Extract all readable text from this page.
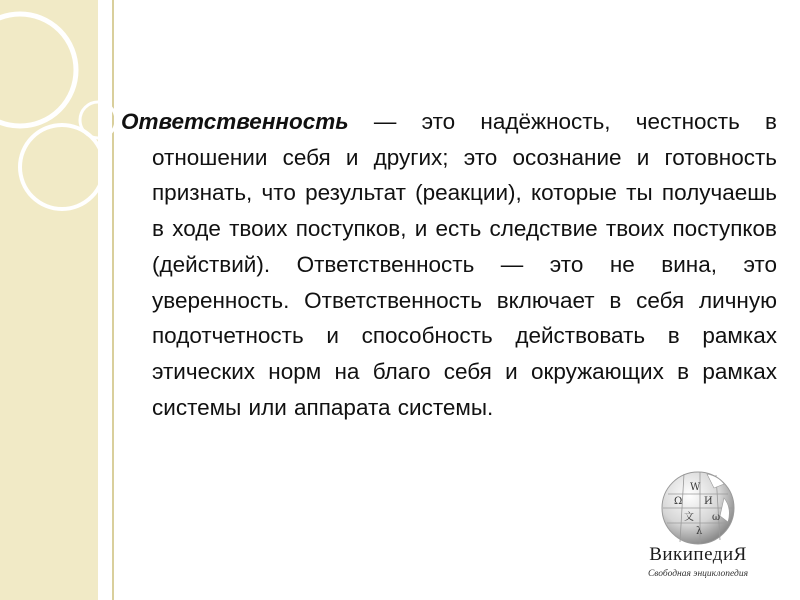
Ответственность — это надёжность, честность в отношении себя и других; это осознание и готовность признать, что результат (реакции), которые ты получаешь в ходе твоих поступков, и есть следствие твоих поступков (действий). Ответственность — это не вина, это уверенность. Ответственность включает в себя личную подотчетность и способность действовать в рамках этических норм на благо себя и окружающих в рамках системы или аппарата системы.

W
Ω И
文 ω
λ
ВикипедиЯ
Свободная энциклопедия
